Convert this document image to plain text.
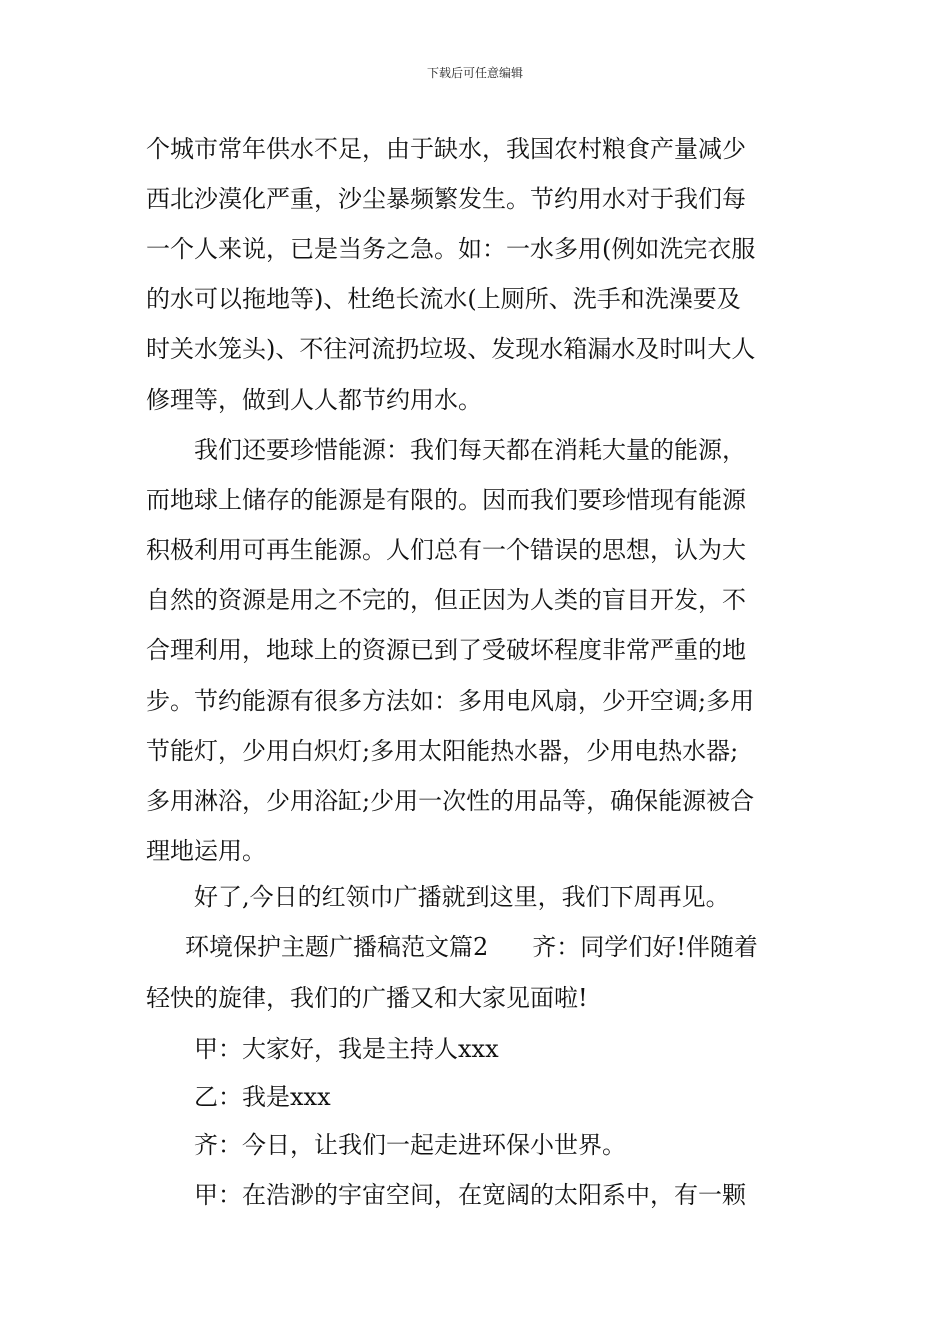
下载后可任意编辑
个城市常年供水不足，由于缺水，我国农村粮食产量减少
西北沙漠化严重，沙尘暴频繁发生。节约用水对于我们每
一个人来说，已是当务之急。如：一水多用(例如洗完衣服
的水可以拖地等)、杜绝长流水(上厕所、洗手和洗澡要及
时关水笼头)、不往河流扔垃圾、发现水箱漏水及时叫大人
修理等，做到人人都节约用水。
我们还要珍惜能源：我们每天都在消耗大量的能源，
而地球上储存的能源是有限的。因而我们要珍惜现有能源
积极利用可再生能源。人们总有一个错误的思想，认为大
自然的资源是用之不完的，但正因为人类的盲目开发，不
合理利用，地球上的资源已到了受破坏程度非常严重的地
步。节约能源有很多方法如：多用电风扇，少开空调;多用
节能灯，少用白炽灯;多用太阳能热水器，少用电热水器;
多用淋浴，少用浴缸;少用一次性的用品等，确保能源被合
理地运用。
好了,今日的红领巾广播就到这里，我们下周再见。
环境保护主题广播稿范文篇2 齐：同学们好!伴随着
轻快的旋律，我们的广播又和大家见面啦!
甲：大家好，我是主持人xxx
乙：我是xxx
齐：今日，让我们一起走进环保小世界。
甲：在浩渺的宇宙空间，在宽阔的太阳系中，有一颗
